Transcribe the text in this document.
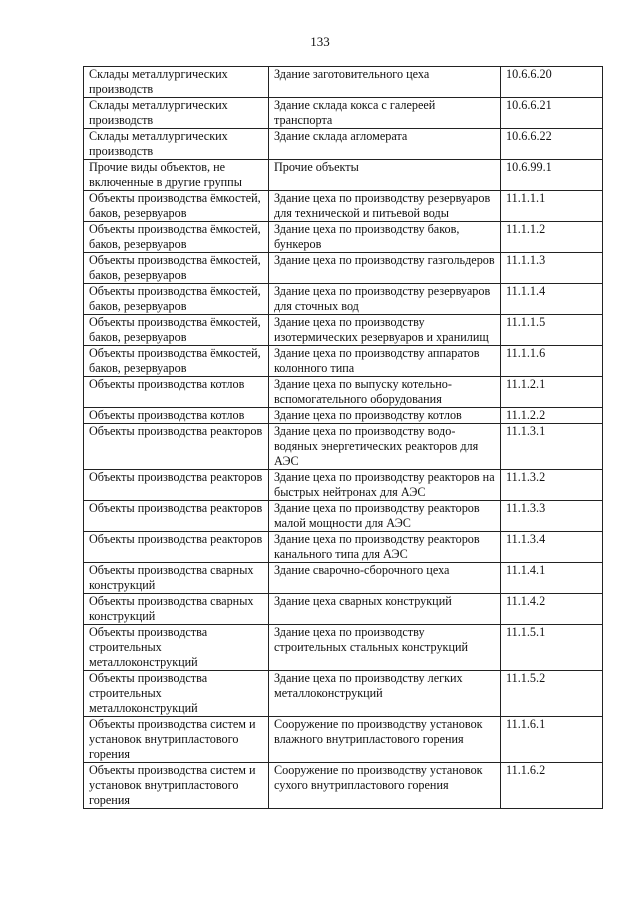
133
Склады металлургических производств	Здание заготовительного цеха	10.6.6.20
Склады металлургических производств	Здание склада кокса с галереей транспорта	10.6.6.21
Склады металлургических производств	Здание склада агломерата	10.6.6.22
Прочие виды объектов, не включенные в другие группы	Прочие объекты	10.6.99.1
Объекты производства ёмкостей, баков, резервуаров	Здание цеха по производству резервуаров для технической и питьевой воды	11.1.1.1
Объекты производства ёмкостей, баков, резервуаров	Здание цеха по производству баков, бункеров	11.1.1.2
Объекты производства ёмкостей, баков, резервуаров	Здание цеха по производству газгольдеров	11.1.1.3
Объекты производства ёмкостей, баков, резервуаров	Здание цеха по производству резервуаров для сточных вод	11.1.1.4
Объекты производства ёмкостей, баков, резервуаров	Здание цеха по производству изотермических резервуаров и хранилищ	11.1.1.5
Объекты производства ёмкостей, баков, резервуаров	Здание цеха по производству аппаратов колонного типа	11.1.1.6
Объекты производства котлов	Здание цеха по выпуску котельно-вспомогательного оборудования	11.1.2.1
Объекты производства котлов	Здание цеха по производству котлов	11.1.2.2
Объекты производства реакторов	Здание цеха по производству водо-водяных энергетических реакторов для АЭС	11.1.3.1
Объекты производства реакторов	Здание цеха по производству реакторов на быстрых нейтронах для АЭС	11.1.3.2
Объекты производства реакторов	Здание цеха по производству реакторов малой мощности для АЭС	11.1.3.3
Объекты производства реакторов	Здание цеха по производству реакторов канального типа для АЭС	11.1.3.4
Объекты производства сварных конструкций	Здание сварочно-сборочного цеха	11.1.4.1
Объекты производства сварных конструкций	Здание цеха сварных конструкций	11.1.4.2
Объекты производства строительных металлоконструкций	Здание цеха по производству строительных стальных конструкций	11.1.5.1
Объекты производства строительных металлоконструкций	Здание цеха по производству легких металлоконструкций	11.1.5.2
Объекты производства систем и установок внутрипластового горения	Сооружение по производству установок влажного внутрипластового горения	11.1.6.1
Объекты производства систем и установок внутрипластового горения	Сооружение по производству установок сухого внутрипластового горения	11.1.6.2
